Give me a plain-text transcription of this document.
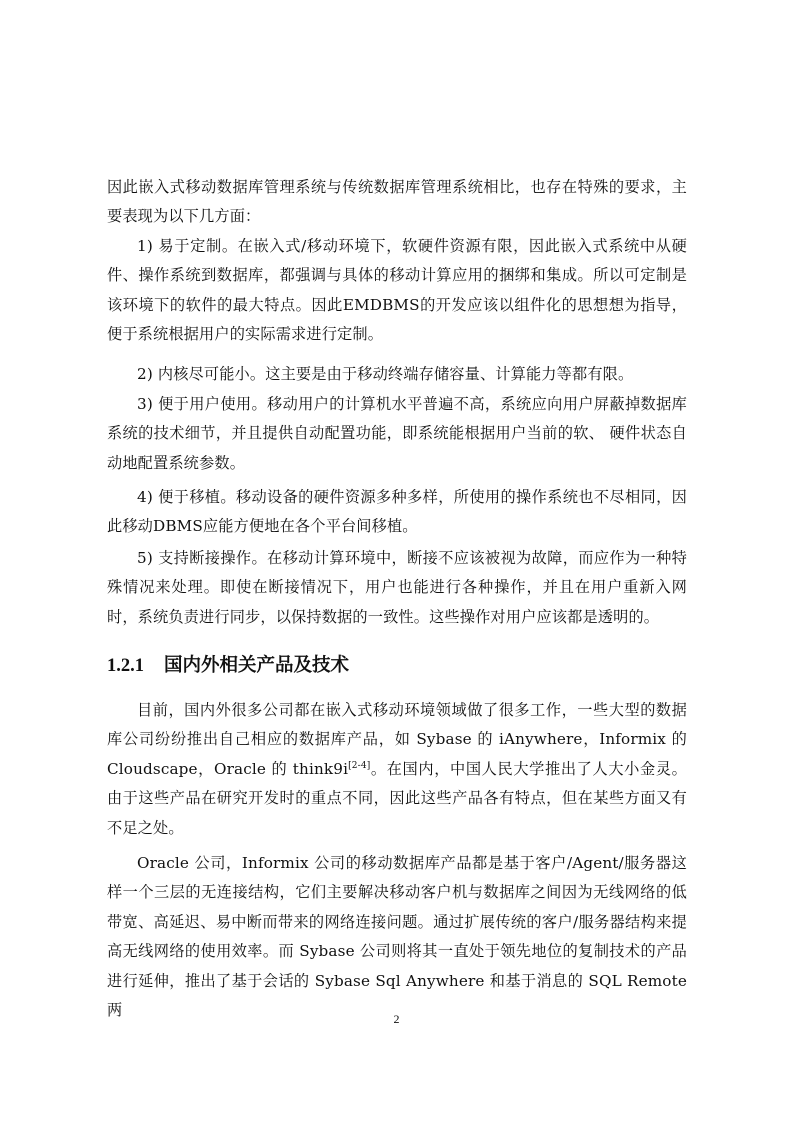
因此嵌入式移动数据库管理系统与传统数据库管理系统相比，也存在特殊的要求，主要表现为以下几方面：

1) 易于定制。在嵌入式/移动环境下，软硬件资源有限，因此嵌入式系统中从硬件、操作系统到数据库，都强调与具体的移动计算应用的捆绑和集成。所以可定制是该环境下的软件的最大特点。因此EMDBMS的开发应该以组件化的思想想为指导，便于系统根据用户的实际需求进行定制。

2) 内核尽可能小。这主要是由于移动终端存储容量、计算能力等都有限。

3) 便于用户使用。移动用户的计算机水平普遍不高，系统应向用户屏蔽掉数据库系统的技术细节，并且提供自动配置功能，即系统能根据用户当前的软、 硬件状态自动地配置系统参数。

4) 便于移植。移动设备的硬件资源多种多样，所使用的操作系统也不尽相同，因此移动DBMS应能方便地在各个平台间移植。

5) 支持断接操作。在移动计算环境中，断接不应该被视为故障，而应作为一种特殊情况来处理。即使在断接情况下，用户也能进行各种操作，并且在用户重新入网时，系统负责进行同步，以保持数据的一致性。这些操作对用户应该都是透明的。

1.2.1 国内外相关产品及技术

目前，国内外很多公司都在嵌入式移动环境领域做了很多工作，一些大型的数据库公司纷纷推出自己相应的数据库产品，如 Sybase 的 iAnywhere，Informix 的 Cloudscape，Oracle 的 think9i[2-4]。在国内，中国人民大学推出了人大小金灵。由于这些产品在研究开发时的重点不同，因此这些产品各有特点，但在某些方面又有不足之处。

Oracle 公司，Informix 公司的移动数据库产品都是基于客户/Agent/服务器这样一个三层的无连接结构，它们主要解决移动客户机与数据库之间因为无线网络的低带宽、高延迟、易中断而带来的网络连接问题。通过扩展传统的客户/服务器结构来提高无线网络的使用效率。而 Sybase 公司则将其一直处于领先地位的复制技术的产品进行延伸，推出了基于会话的 Sybase Sql Anywhere 和基于消息的 SQL Remote 两	2
